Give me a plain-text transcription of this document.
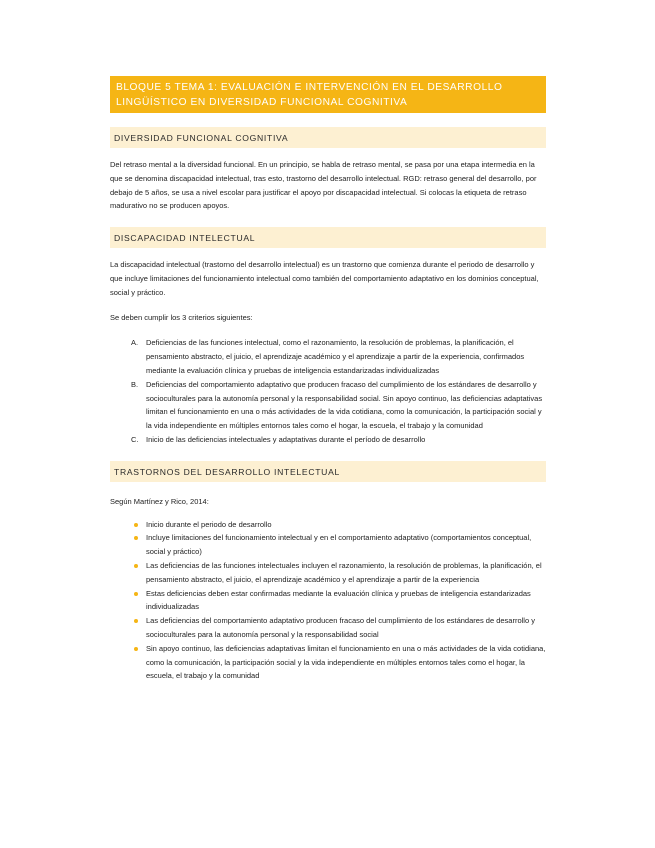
BLOQUE 5 TEMA 1: EVALUACIÓN E INTERVENCIÓN EN EL DESARROLLO LINGÜÍSTICO EN DIVERSIDAD FUNCIONAL COGNITIVA
DIVERSIDAD FUNCIONAL COGNITIVA

Del retraso mental a la diversidad funcional. En un principio, se habla de retraso mental, se pasa por una etapa intermedia en la que se denomina discapacidad intelectual, tras esto, trastorno del desarrollo intelectual. RGD: retraso general del desarrollo, por debajo de 5 años, se usa a nivel escolar para justificar el apoyo por discapacidad intelectual. Si colocas la etiqueta de retraso madurativo no se producen apoyos.

DISCAPACIDAD INTELECTUAL

La discapacidad intelectual (trastorno del desarrollo intelectual) es un trastorno que comienza durante el periodo de desarrollo y que incluye limitaciones del funcionamiento intelectual como también del comportamiento adaptativo en los dominios conceptual, social y práctico.

Se deben cumplir los 3 criterios siguientes:

A.	Deficiencias de las funciones intelectual, como el razonamiento, la resolución de problemas, la planificación, el pensamiento abstracto, el juicio, el aprendizaje académico y el aprendizaje a partir de la experiencia, confirmados mediante la evaluación clínica y pruebas de inteligencia estandarizadas individualizadas
B.	Deficiencias del comportamiento adaptativo que producen fracaso del cumplimiento de los estándares de desarrollo y socioculturales para la autonomía personal y la responsabilidad social. Sin apoyo continuo, las deficiencias adaptativas limitan el funcionamiento en una o más actividades de la vida cotidiana, como la comunicación, la participación social y la vida independiente en múltiples entornos tales como el hogar, la escuela, el trabajo y la comunidad
C.	Inicio de las deficiencias intelectuales y adaptativas durante el período de desarrollo
TRASTORNOS DEL DESARROLLO INTELECTUAL

Según Martínez y Rico, 2014:

Inicio durante el periodo de desarrollo
Incluye limitaciones del funcionamiento intelectual y en el comportamiento adaptativo (comportamientos conceptual, social y práctico)
Las deficiencias de las funciones intelectuales incluyen el razonamiento, la resolución de problemas, la planificación, el pensamiento abstracto, el juicio, el aprendizaje académico y el aprendizaje a partir de la experiencia
Estas deficiencias deben estar confirmadas mediante la evaluación clínica y pruebas de inteligencia estandarizadas individualizadas
Las deficiencias del comportamiento adaptativo producen fracaso del cumplimiento de los estándares de desarrollo y socioculturales para la autonomía personal y la responsabilidad social
Sin apoyo continuo, las deficiencias adaptativas limitan el funcionamiento en una o más actividades de la vida cotidiana, como la comunicación, la participación social y la vida independiente en múltiples entornos tales como el hogar, la escuela, el trabajo y la comunidad
